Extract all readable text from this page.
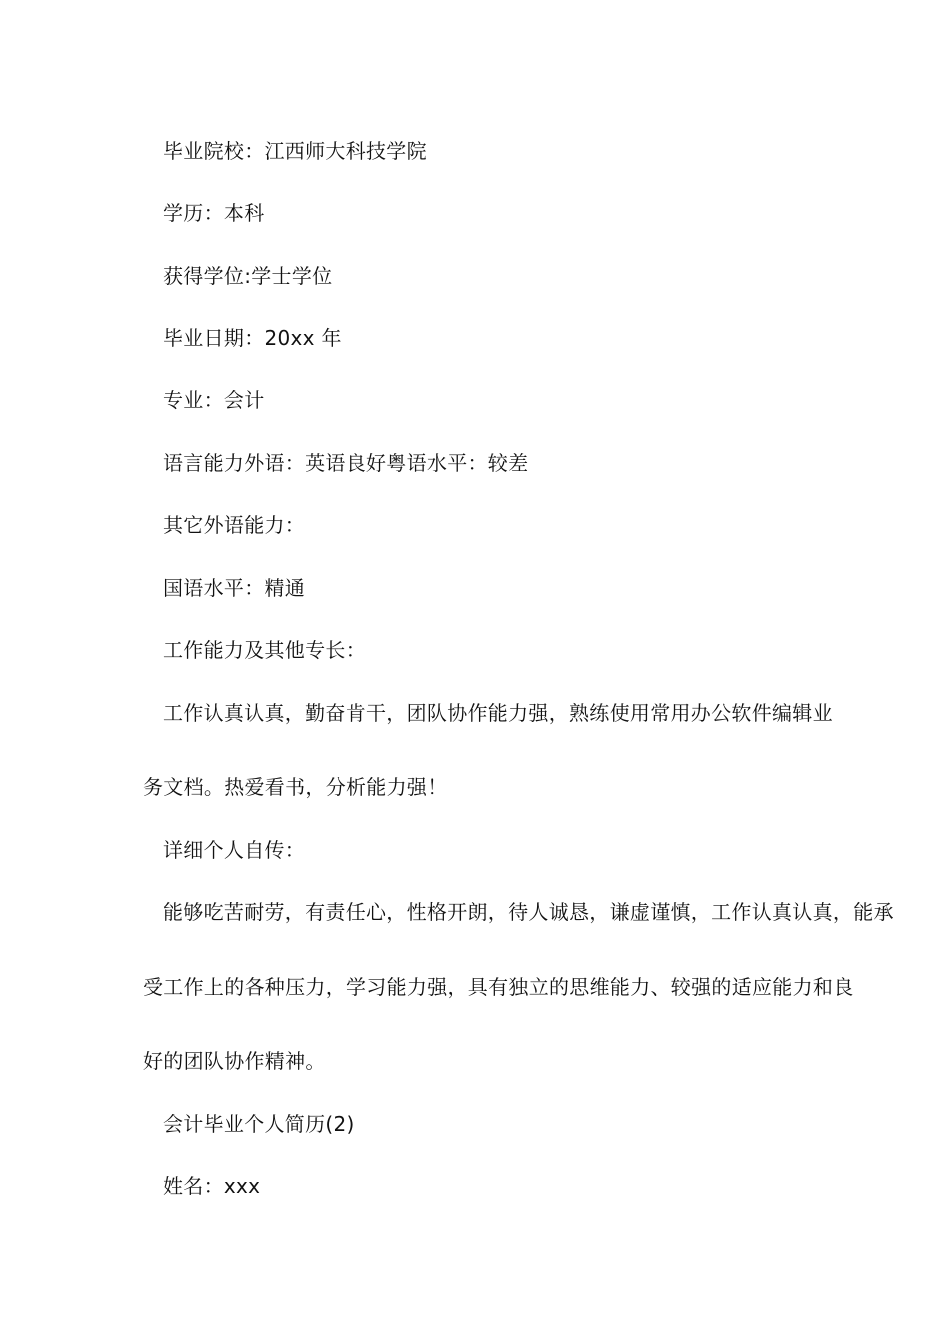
毕业院校：江西师大科技学院
学历：本科
获得学位:学士学位
毕业日期：20xx 年
专业：会计
语言能力外语：英语良好粤语水平：较差
其它外语能力：
国语水平：精通
工作能力及其他专长：
工作认真认真，勤奋肯干，团队协作能力强，熟练使用常用办公软件编辑业
务文档。热爱看书，分析能力强！
详细个人自传：
能够吃苦耐劳，有责任心，性格开朗，待人诚恳，谦虚谨慎，工作认真认真，能承
受工作上的各种压力，学习能力强，具有独立的思维能力、较强的适应能力和良
好的团队协作精神。
会计毕业个人简历(2)
姓名：xxx
